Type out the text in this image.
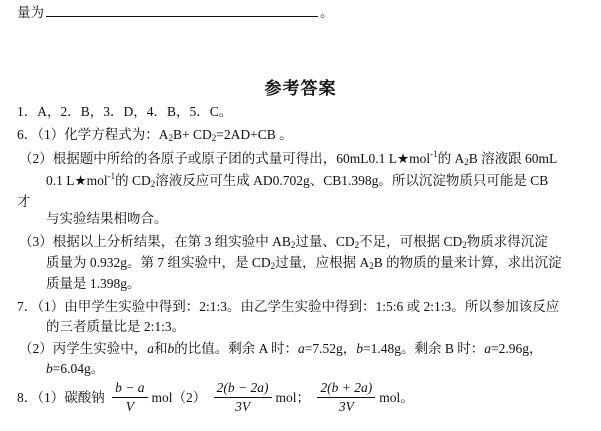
量为	。
参考答案
1．A，2．B，3．D，4．B，5．C。
6．（1）化学方程式为：$A_2B+ CD_2=2AD+CB$ 。
（2）根据题中所给的各原子或原子团的式量可得出，60mL0.1 L★mol$^{-1}$的 $A_2B$ 溶液跟 60mL
0.1 L★mol$^{-1}$的 $CD_2$溶液反应可生成 AD0.702g、CB1.398g。所以沉淀物质只可能是 CB
才
与实验结果相吻合。
（3）根据以上分析结果，在第 3 组实验中 $AB_2$过量、$CD_2$不足，可根据 $CD_2$物质求得沉淀
质量为 0.932g。第 7 组实验中，是 $CD_2$过量，应根据 $A_2B$ 的物质的量来计算，求出沉淀
质量是 1.398g。
7．（1）由甲学生实验中得到：2:1:3。由乙学生实验中得到：1:5:6 或 2:1:3。所以参加该反应
的三者质量比是 2:1:3。
（2）丙学生实验中，a和b的比值。剩余 A 时：a=7.52g，b=1.48g。剩余 B 时：a=2.96g，
b=6.04g。
8．（1）碳酸钠 $\frac{b - a}{V} mol(2) \frac{2(b - 2a)}{3V}$ mol； $\frac{2(b + 2a)}{3V}$ mol。
